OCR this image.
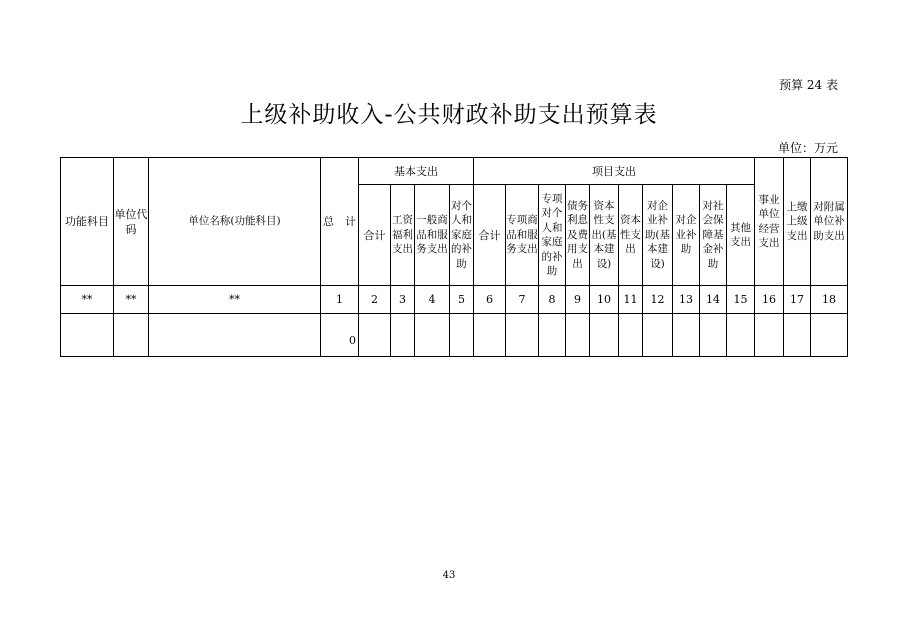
预算 24 表
上级补助收入-公共财政补助支出预算表
单位：万元
功能科目	单位代码	单位名称(功能科目)	总　计	基本支出				项目支出										事业单位经营支出	上缴上级支出	对附属单位补助支出
				合计	工资福利支出	一般商品和服务支出	对个人和家庭的补助	合计	专项商品和服务支出	专项对个人和家庭的补助	债务利息及费用支出	资本性支出(基本建设)	资本性支出	对企业补助(基本建设)	对企业补助	对社会保障基金补助	其他支出			
**	**	**	1	2	3	4	5	6	7	8	9	10	11	12	13	14	15	16	17	18
			0																	
43
